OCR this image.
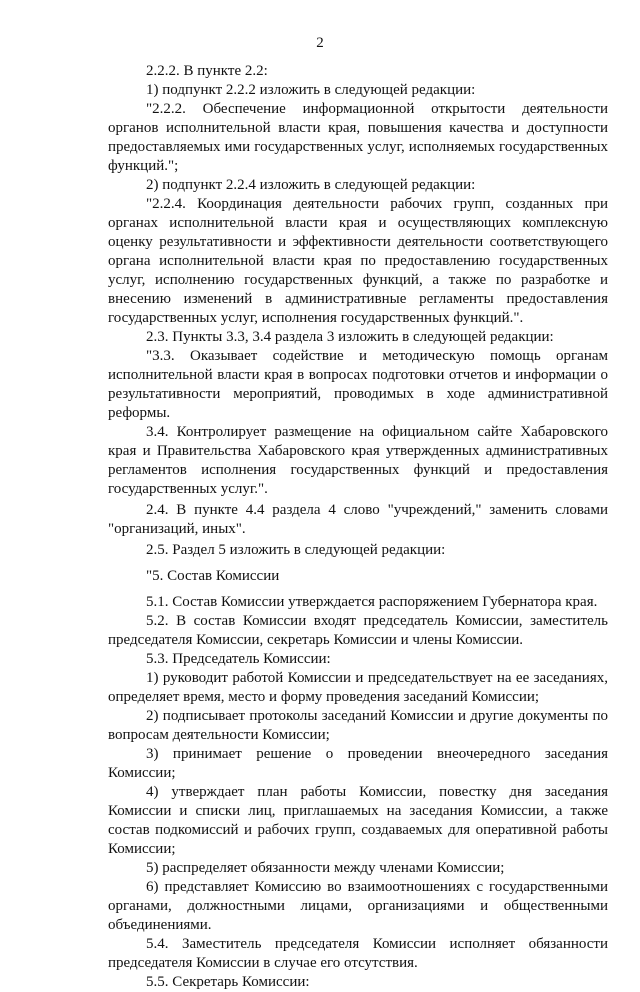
2

2.2.2. В пункте 2.2:

1) подпункт 2.2.2 изложить в следующей редакции:

"2.2.2. Обеспечение информационной открытости деятельности органов исполнительной власти края, повышения качества и доступности предоставляемых ими государственных услуг, исполняемых государственных функций.";

2) подпункт 2.2.4 изложить в следующей редакции:

"2.2.4. Координация деятельности рабочих групп, созданных при органах исполнительной власти края и осуществляющих комплексную оценку результативности и эффективности деятельности соответствующего органа исполнительной власти края по предоставлению государственных услуг, исполнению государственных функций, а также по разработке и внесению изменений в административные регламенты предоставления государственных услуг, исполнения государственных функций.".

2.3. Пункты 3.3, 3.4 раздела 3 изложить в следующей редакции:

"3.3. Оказывает содействие и методическую помощь органам исполнительной власти края в вопросах подготовки отчетов и информации о результативности мероприятий, проводимых в ходе административной реформы.

3.4. Контролирует размещение на официальном сайте Хабаровского края и Правительства Хабаровского края утвержденных административных регламентов исполнения государственных функций и предоставления государственных услуг.".

2.4. В пункте 4.4 раздела 4 слово "учреждений," заменить словами "организаций, иных".

2.5. Раздел 5 изложить в следующей редакции:

"5. Состав Комиссии

5.1. Состав Комиссии утверждается распоряжением Губернатора края.

5.2. В состав Комиссии входят председатель Комиссии, заместитель председателя Комиссии, секретарь Комиссии и члены Комиссии.

5.3. Председатель Комиссии:

1) руководит работой Комиссии и председательствует на ее заседаниях, определяет время, место и форму проведения заседаний Комиссии;

2) подписывает протоколы заседаний Комиссии и другие документы по вопросам деятельности Комиссии;

3) принимает решение о проведении внеочередного заседания Комиссии;

4) утверждает план работы Комиссии, повестку дня заседания Комиссии и списки лиц, приглашаемых на заседания Комиссии, а также состав подкомиссий и рабочих групп, создаваемых для оперативной работы Комиссии;

5) распределяет обязанности между членами Комиссии;

6) представляет Комиссию во взаимоотношениях с государственными органами, должностными лицами, организациями и общественными объединениями.

5.4. Заместитель председателя Комиссии исполняет обязанности председателя Комиссии в случае его отсутствия.

5.5. Секретарь Комиссии:
